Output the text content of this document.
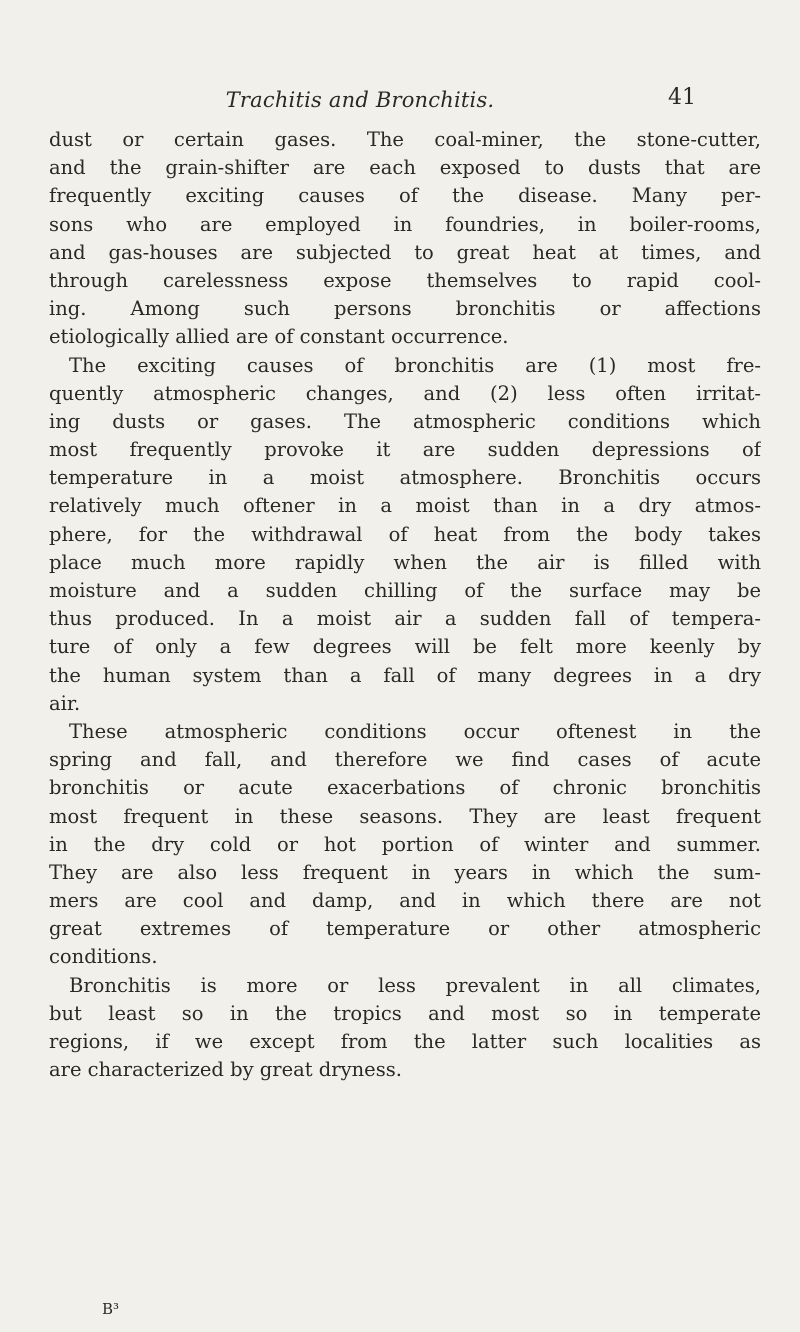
Trachitis and Bronchitis.	41
dust or certain gases. The coal-miner, the stone-cutter,
and the grain-shifter are each exposed to dusts that are
frequently exciting causes of the disease. Many per-
sons who are employed in foundries, in boiler-rooms,
and gas-houses are subjected to great heat at times, and
through carelessness expose themselves to rapid cool-
ing. Among such persons bronchitis or affections
etiologically allied are of constant occurrence.
The exciting causes of bronchitis are (1) most fre-
quently atmospheric changes, and (2) less often irritat-
ing dusts or gases. The atmospheric conditions which
most frequently provoke it are sudden depressions of
temperature in a moist atmosphere. Bronchitis occurs
relatively much oftener in a moist than in a dry atmos-
phere, for the withdrawal of heat from the body takes
place much more rapidly when the air is filled with
moisture and a sudden chilling of the surface may be
thus produced. In a moist air a sudden fall of tempera-
ture of only a few degrees will be felt more keenly by
the human system than a fall of many degrees in a dry
air.
These atmospheric conditions occur oftenest in the
spring and fall, and therefore we find cases of acute
bronchitis or acute exacerbations of chronic bronchitis
most frequent in these seasons. They are least frequent
in the dry cold or hot portion of winter and summer.
They are also less frequent in years in which the sum-
mers are cool and damp, and in which there are not
great extremes of temperature or other atmospheric
conditions.
Bronchitis is more or less prevalent in all climates,
but least so in the tropics and most so in temperate
regions, if we except from the latter such localities as
are characterized by great dryness.
B³
